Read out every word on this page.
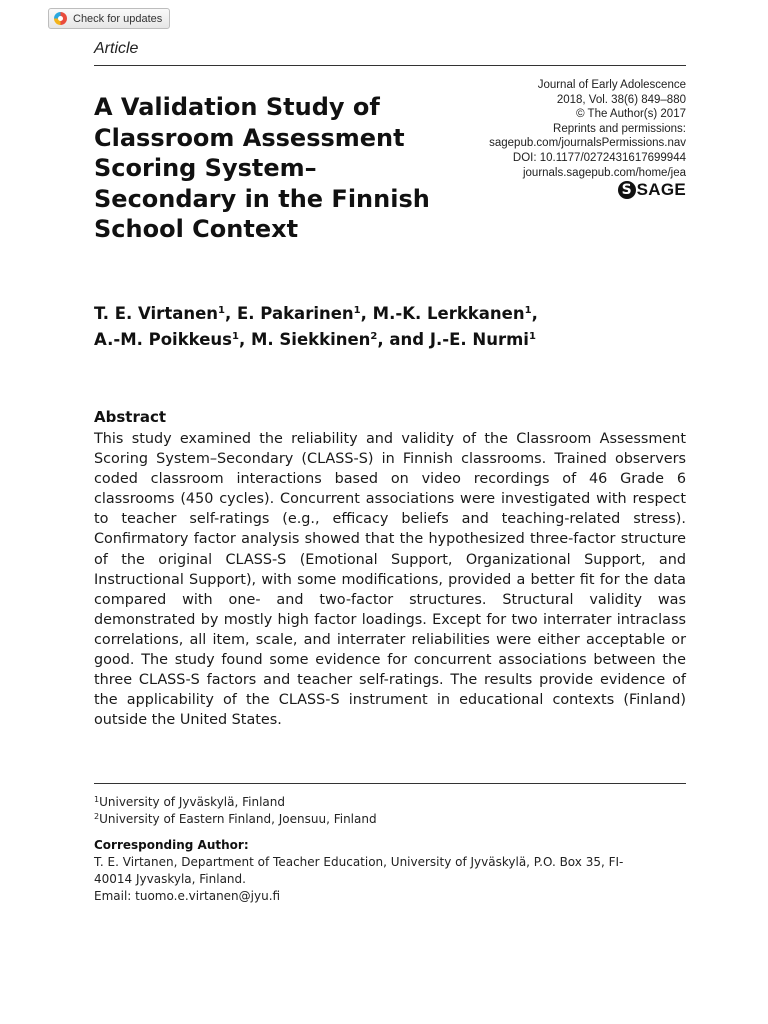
Check for updates
Article
A Validation Study of
Classroom Assessment
Scoring System–
Secondary in the Finnish
School Context
Journal of Early Adolescence
2018, Vol. 38(6) 849–880
© The Author(s) 2017
Reprints and permissions:
sagepub.com/journalsPermissions.nav
DOI: 10.1177/0272431617699944
journals.sagepub.com/home/jea
S SAGE
T. E. Virtanen$^1$, E. Pakarinen$^1$, M.-K. Lerkkanen$^1$,
A.-M. Poikkeus$^1$, M. Siekkinen$^2$, and J.-E. Nurmi$^1$
Abstract

This study examined the reliability and validity of the Classroom Assessment Scoring System–Secondary (CLASS-S) in Finnish classrooms. Trained observers coded classroom interactions based on video recordings of 46 Grade 6 classrooms (450 cycles). Concurrent associations were investigated with respect to teacher self-ratings (e.g., efficacy beliefs and teaching-related stress). Confirmatory factor analysis showed that the hypothesized three-factor structure of the original CLASS-S (Emotional Support, Organizational Support, and Instructional Support), with some modifications, provided a better fit for the data compared with one- and two-factor structures. Structural validity was demonstrated by mostly high factor loadings. Except for two interrater intraclass correlations, all item, scale, and interrater reliabilities were either acceptable or good. The study found some evidence for concurrent associations between the three CLASS-S factors and teacher self-ratings. The results provide evidence of the applicability of the CLASS-S instrument in educational contexts (Finland) outside the United States.

$^1$University of Jyväskylä, Finland
$^2$University of Eastern Finland, Joensuu, Finland
Corresponding Author:
T. E. Virtanen, Department of Teacher Education, University of Jyväskylä, P.O. Box 35, FI-
40014 Jyvaskyla, Finland.
Email: tuomo.e.virtanen@jyu.fi
